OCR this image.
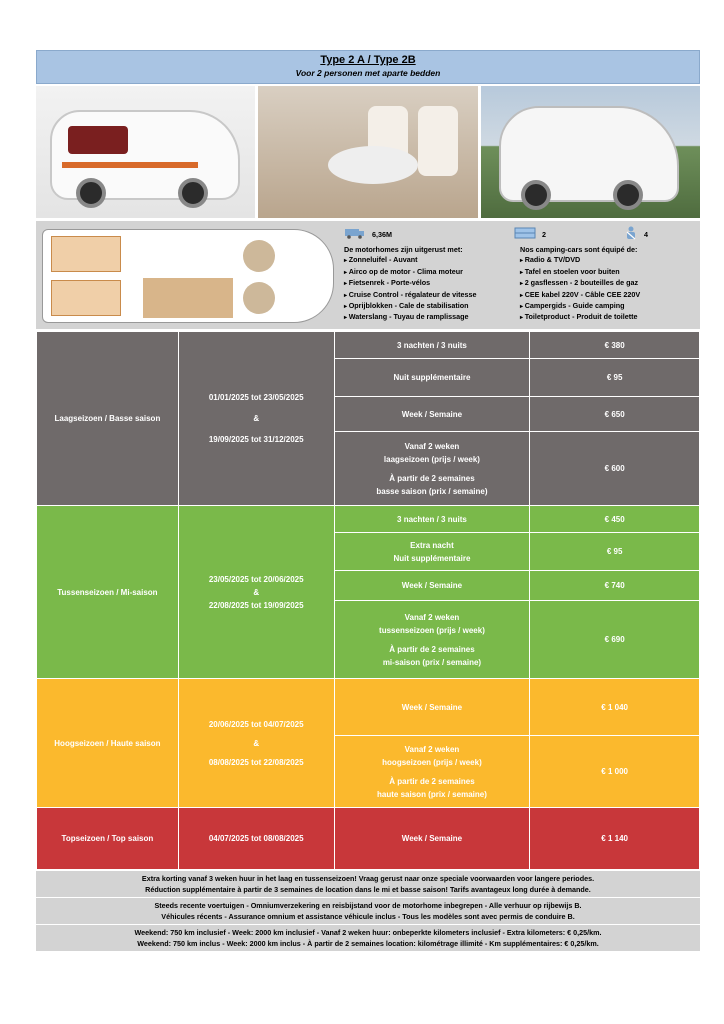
Type 2 A / Type 2B
Voor 2 personen met aparte bedden
6,36M	2	4
De motorhomes zijn uitgerust met:
▸ Zonneluifel - Auvant
▸ Airco op de motor - Clima moteur
▸ Fietsenrek - Porte-vélos
▸ Cruise Control - régalateur de vitesse
▸ Oprijblokken - Cale de stabilisation
▸ Waterslang - Tuyau de ramplissage
Nos camping-cars sont équipé de:
▸ Radio & TV/DVD
▸ Tafel en stoelen voor buiten
▸ 2 gasflessen - 2 bouteilles de gaz
▸ CEE kabel 220V - Câble CEE 220V
▸ Campergids - Guide camping
▸ Toiletproduct - Produit de toilette
Laagseizoen / Basse saison	01/01/2025 tot 23/05/2025
&
19/09/2025 tot 31/12/2025	3 nachten / 3 nuits	€ 380
		Nuit supplémentaire	€ 95
		Week / Semaine	€ 650

		Vanaf 2 weken
laagseizoen (prijs / week)
À partir de 2 semaines
basse saison (prix / semaine)	€ 600
Tussenseizoen / Mi-saison	23/05/2025 tot 20/06/2025
&
22/08/2025 tot 19/09/2025	3 nachten / 3 nuits	€ 450

		Extra nacht
Nuit supplémentaire	€ 95
		Week / Semaine	€ 740

		Vanaf 2 weken
tussenseizoen (prijs / week)
À partir de 2 semaines
mi-saison (prix / semaine)	€ 690
Hoogseizoen / Haute saison	20/06/2025 tot 04/07/2025
&
08/08/2025 tot 22/08/2025	Week / Semaine	€ 1 040

		Vanaf 2 weken
hoogseizoen (prijs / week)
À partir de 2 semaines
haute saison (prix / semaine)	€ 1 000
Topseizoen / Top saison	04/07/2025 tot 08/08/2025	Week / Semaine	€ 1 140
Extra korting vanaf 3 weken huur in het laag en tussenseizoen! Vraag gerust naar onze speciale voorwaarden voor langere periodes.
Réduction supplémentaire à partir de 3 semaines de location dans le mi et basse saison! Tarifs avantageux long durée à demande.
Steeds recente voertuigen - Omniumverzekering en reisbijstand voor de motorhome inbegrepen - Alle verhuur op rijbewijs B.
Véhicules récents - Assurance omnium et assistance véhicule inclus - Tous les modèles sont avec permis de conduire B.
Weekend: 750 km inclusief - Week: 2000 km inclusief - Vanaf 2 weken huur: onbeperkte kilometers inclusief - Extra kilometers: € 0,25/km.
Weekend: 750 km inclus - Week: 2000 km inclus - À partir de 2 semaines location: kilométrage illimité - Km supplémentaires: € 0,25/km.
